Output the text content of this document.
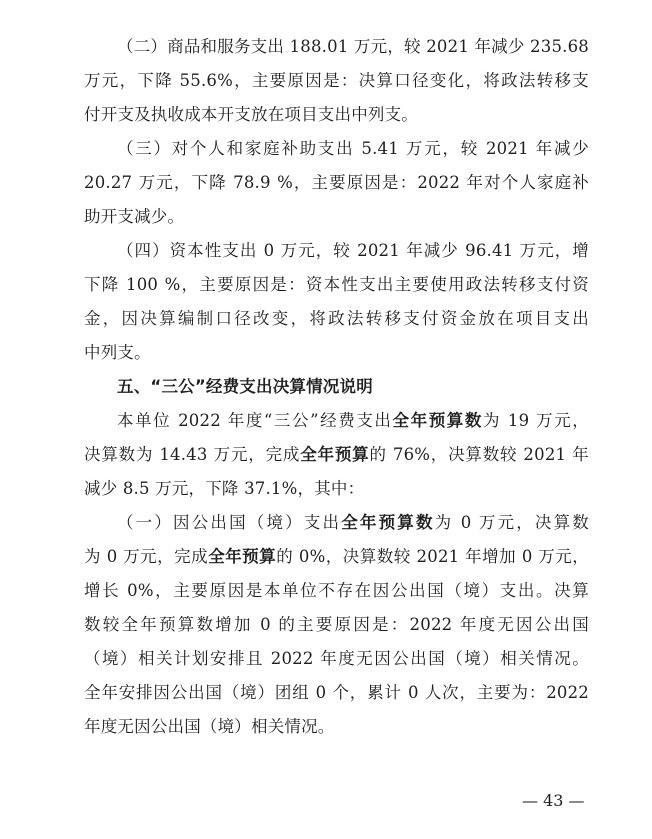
（二）商品和服务支出 188.01 万元，较 2021 年减少 235.68
万元，下降 55.6%，主要原因是：决算口径变化，将政法转移支
付开支及执收成本开支放在项目支出中列支。
（三）对个人和家庭补助支出 5.41 万元，较 2021 年减少
20.27 万元，下降 78.9 %，主要原因是：2022 年对个人家庭补
助开支减少。
（四）资本性支出 0 万元，较 2021 年减少 96.41 万元，增
下降 100 %，主要原因是：资本性支出主要使用政法转移支付资
金，因决算编制口径改变，将政法转移支付资金放在项目支出
中列支。
五、“三公”经费支出决算情况说明
本单位 2022 年度“三公”经费支出全年预算数为 19 万元，
决算数为 14.43 万元，完成全年预算的 76%，决算数较 2021 年
减少 8.5 万元，下降 37.1%，其中：
（一）因公出国（境）支出全年预算数为 0 万元，决算数
为 0 万元，完成全年预算的 0%，决算数较 2021 年增加 0 万元，
增长 0%，主要原因是本单位不存在因公出国（境）支出。决算
数较全年预算数增加 0 的主要原因是：2022 年度无因公出国
（境）相关计划安排且 2022 年度无因公出国（境）相关情况。
全年安排因公出国（境）团组 0 个，累计 0 人次，主要为：2022
年度无因公出国（境）相关情况。
— 43 —
